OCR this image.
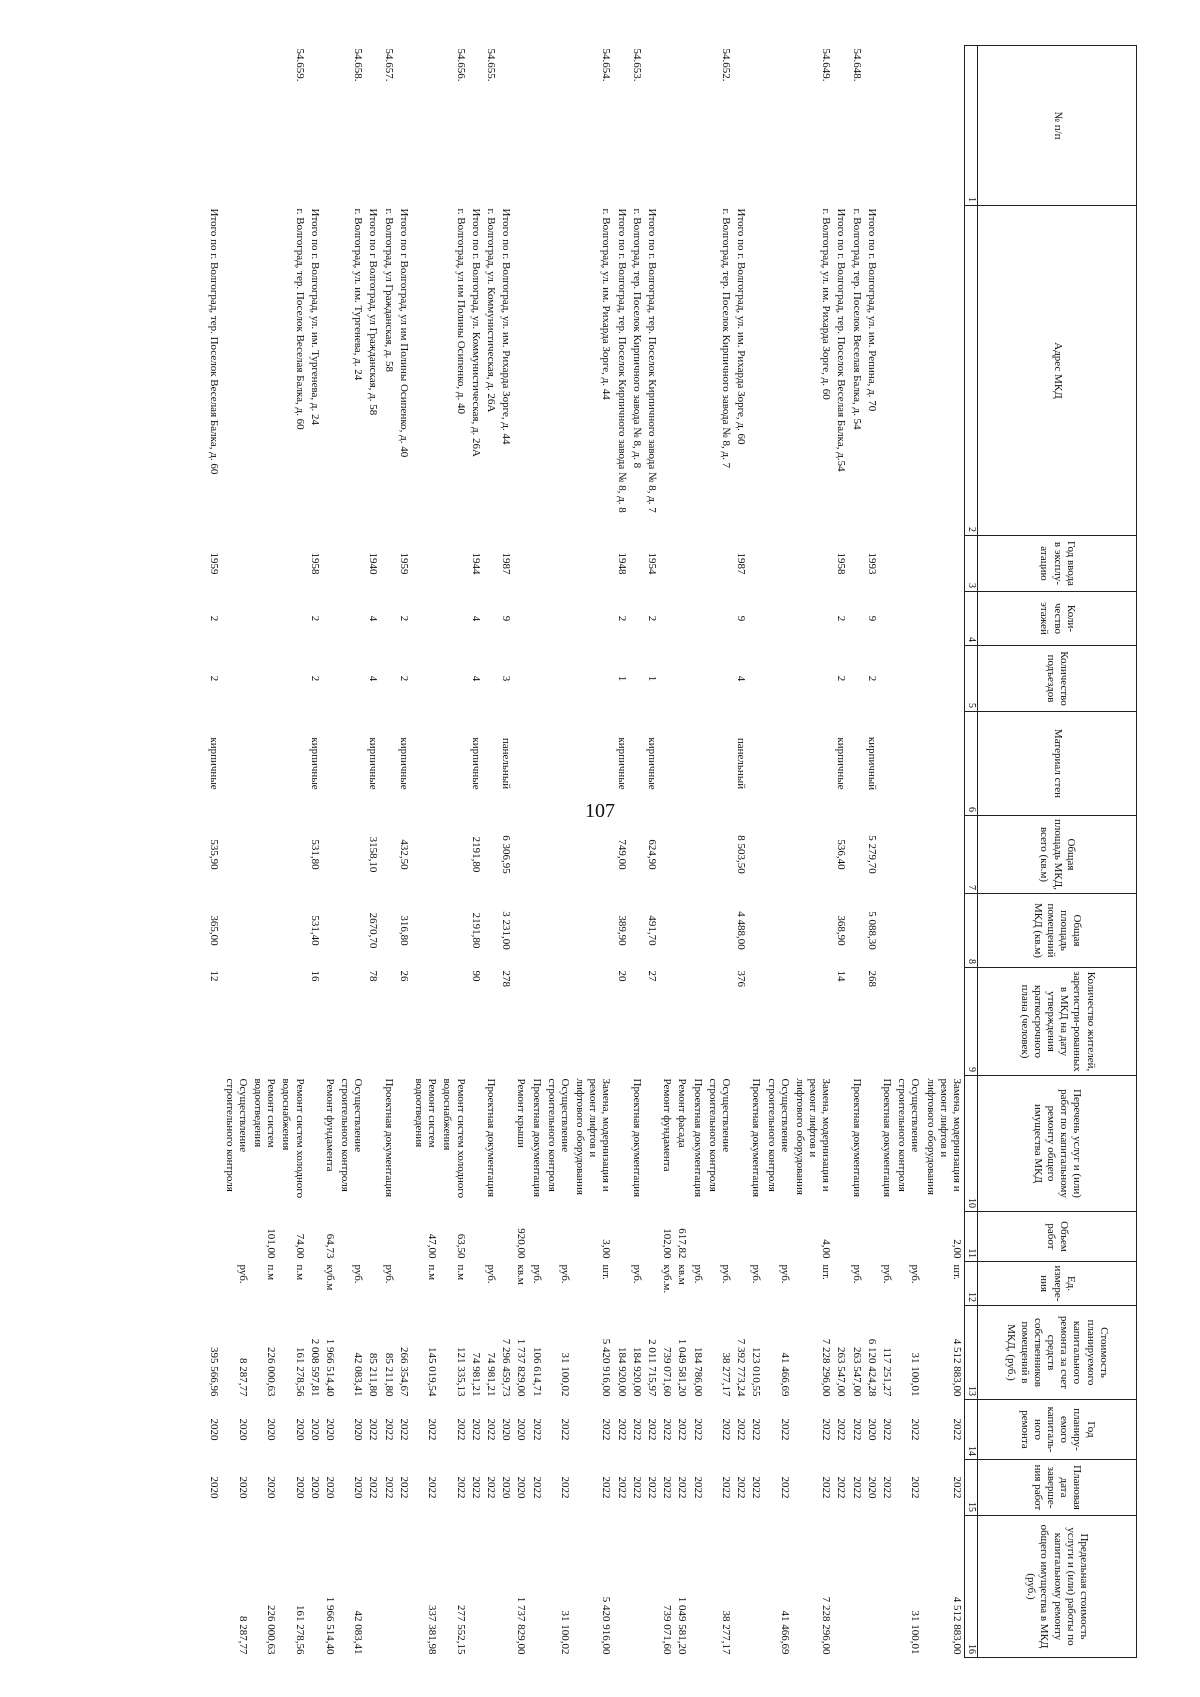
107
№ п/п	Адрес МКД	Год ввода в эксплу-атацию	Коли-чество этажей	Количество подъездов	Материал стен	Общая площадь МКД, всего (кв.м)	Общая площадь помещений МКД (кв.м)	Количество жителей, зарегистри-рованных в МКД на дату утверждения краткосрочного плана (человек)	Перечень услуг и (или) работ по капитальному ремонту общего имущества МКД	Объем работ	Ед. измере-ния	Стоимость планируемого капитального ремонта за счет средств собственников помещений в МКД, (руб.)	Год планиру-емого капиталь-ного ремонта	Плановая дата заверше-ния работ	Предельная стоимость услуги и (или) работы по капитальному ремонту общего имущества в МКД (руб.)
1	2	3	4	5	6	7	8	9	10	11	12	13	14	15	16
									Замена, модернизация и ремонт лифтов и лифтового оборудования	2,00	шт.	4 512 883,00	2022	2022	4 512 883,00
									Осуществление строительного контроля		руб.	31 100,01	2022	2022	31 100,01
									Проектная документация		руб.	117 251,27	2022	2022	
	Итого по г. Волгоград, ул. им. Репина, д. 70	1993	9	2	кирпичный	5 279,70	5 088,30	268				6 120 424,28	2020	2020	
54.648.	г. Волгоград, тер. Поселок Веселая Балка, д. 54								Проектная документация		руб.	263 547,00	2022	2022	
	Итого по г. Волгоград, тер. Поселок Веселая Балка, д.54	1958	2	2	кирпичные	536,40	368,90	14				263 547,00	2022	2022	
54.649.	г. Волгоград, ул. им. Рихарда Зорге, д. 60								Замена, модернизация и ремонт лифтов и лифтового оборудования	4,00	шт.	7 228 296,00	2022	2022	7 228 296,00
									Осуществление строительного контроля		руб.	41 466,69	2022	2022	41 466,69
									Проектная документация		руб.	123 010,55	2022	2022	
	Итого по г. Волгоград, ул. им. Рихарда Зорге, д. 60	1987	9	4	панельный	8 503,50	4 488,00	376				7 392 773,24	2022	2022	
54.652.	г. Волгоград, тер. Поселок Кирпичного завода № 8, д. 7								Осуществление строительного контроля		руб.	38 277,17	2022	2022	38 277,17
									Проектная документация		руб.	184 786,00	2022	2022	
									Ремонт фасада	617,82	кв.м	1 049 581,20	2022	2022	1 049 581,20
									Ремонт фундамента	102,00	куб.м.	739 071,60	2022	2022	739 071,60
	Итого по г. Волгоград, тер. Поселок Кирпичного завода № 8, д. 7	1954	2	1	кирпичные	624,90	491,70	27				2 011 715,97	2022	2022	
54.653.	г. Волгоград, тер. Поселок Кирпичного завода № 8, д. 8								Проектная документация		руб.	184 920,00	2022	2022	
	Итого по г. Волгоград, тер. Поселок Кирпичного завода № 8, д. 8	1948	2	1	кирпичные	749,00	389,90	20				184 920,00	2022	2022	
54.654.	г. Волгоград, ул. им. Рихарда Зорге, д. 44								Замена, модернизация и ремонт лифтов и лифтового оборудования	3,00	шт.	5 420 916,00	2022	2022	5 420 916,00
									Осуществление строительного контроля		руб.	31 100,02	2022	2022	31 100,02
									Проектная документация		руб.	106 614,71	2022	2022	
									Ремонт крыши	920,00	кв.м	1 737 829,00	2020	2020	1 737 829,00
	Итого по г. Волгоград, ул. им. Рихарда Зорге, д. 44	1987	9	3	панельный	6 306,95	3 231,00	278				7 296 459,73	2020	2020	
54.655.	г. Волгоград, ул. Коммунистическая, д. 26А								Проектная документация		руб.	74 981,21	2022	2022	
	Итого по г. Волгоград, ул. Коммунистическая, д. 26А	1944	4	4	кирпичные	2191,80	2191,80	90				74 981,21	2022	2022	
54.656.	г. Волгоград, ул им Полины Осипенко, д. 40								Ремонт систем холодного водоснабжения	63,50	п.м	121 335,13	2022	2022	277 552,15
									Ремонт систем водоотведения	47,00	п.м	145 019,54	2022	2022	337 381,98
	Итого по г Волгоград, ул им Полины Осипенко, д. 40	1959	2	2	кирпичные	432,50	316,80	26				266 354,67	2022	2022	
54.657.	г. Волгоград, ул Гражданская, д. 58								Проектная документация		руб.	85 211,80	2022	2022	
	Итого по г Волгоград, ул Гражданская, д. 58	1940	4	4	кирпичные	3158,10	2670,70	78				85 211,80	2022	2022	
54.658.	г. Волгоград, ул. им. Тургенева, д. 24								Осуществление строительного контроля		руб.	42 083,41	2020	2020	42 083,41
									Ремонт фундамента	64,73	куб.м	1 966 514,40	2020	2020	1 966 514,40
	Итого по г. Волгоград, ул. им. Тургенева, д. 24	1958	2	2	кирпичные	531,80	531,40	16				2 008 597,81	2020	2020	
54.659.	г. Волгоград, тер. Поселок Веселая Балка, д. 60								Ремонт систем холодного водоснабжения	74,00	п.м	161 278,56	2020	2020	161 278,56
									Ремонт систем водоотведения	101,00	п.м	226 000,63	2020	2020	226 000,63
									Осуществление строительного контроля		руб.	8 287,77	2020	2020	8 287,77
	Итого по г. Волгоград, тер. Поселок Веселая Балка, д. 60	1959	2	2	кирпичные	535,90	365,00	12				395 566,96	2020	2020	
